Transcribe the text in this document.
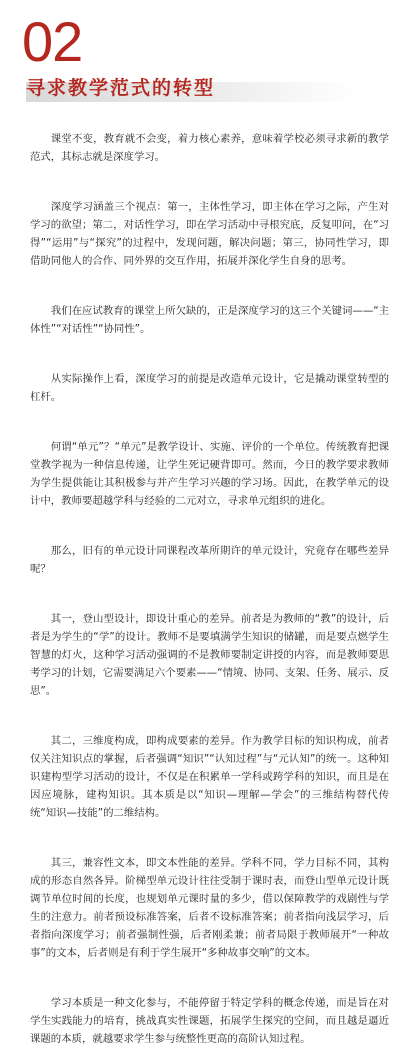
02
寻求教学范式的转型

课堂不变，教育就不会变，着力核心素养，意味着学校必须寻求新的教学范式，其标志就是深度学习。

深度学习涵盖三个视点：第一，主体性学习，即主体在学习之际，产生对学习的欲望；第二，对话性学习，即在学习活动中寻根究底，反复叩问，在“习得”“运用”与“探究”的过程中，发现问题，解决问题；第三，协同性学习，即借助同他人的合作、同外界的交互作用，拓展并深化学生自身的思考。

我们在应试教育的课堂上所欠缺的，正是深度学习的这三个关键词——“主体性”“对话性”“协同性”。

从实际操作上看，深度学习的前提是改造单元设计，它是撬动课堂转型的杠杆。

何谓“单元”？“单元”是教学设计、实施、评价的一个单位。传统教育把课堂教学视为一种信息传递，让学生死记硬背即可。然而，今日的教学要求教师为学生提供能让其积极参与并产生学习兴趣的学习场。因此，在教学单元的设计中，教师要超越学科与经验的二元对立，寻求单元组织的进化。

那么，旧有的单元设计同课程改革所期许的单元设计，究竟存在哪些差异呢？

其一，登山型设计，即设计重心的差异。前者是为教师的“教”的设计，后者是为学生的“学”的设计。教师不是要填满学生知识的储罐，而是要点燃学生智慧的灯火，这种学习活动强调的不是教师要制定讲授的内容，而是教师要思考学习的计划，它需要满足六个要素——“情境、协同、支架、任务、展示、反思”。

其二，三维度构成，即构成要素的差异。作为教学目标的知识构成，前者仅关注知识点的掌握，后者强调“知识”“认知过程”与“元认知”的统一。这种知识建构型学习活动的设计，不仅是在积累单一学科或跨学科的知识，而且是在因应境脉，建构知识。其本质是以“知识—理解—学会”的三维结构替代传统“知识—技能”的二维结构。

其三，兼容性文本，即文本性能的差异。学科不同，学力目标不同，其构成的形态自然各异。阶梯型单元设计往往受制于课时表，而登山型单元设计既调节单位时间的长度，也规划单元课时量的多少，借以保障教学的戏剧性与学生的注意力。前者预设标准答案，后者不设标准答案；前者指向浅层学习，后者指向深度学习；前者强制性强，后者刚柔兼；前者局限于教师展开“一种故事”的文本，后者则是有利于学生展开“多种故事交响”的文本。

学习本质是一种文化参与，不能停留于特定学科的概念传递，而是旨在对学生实践能力的培育，挑战真实性课题，拓展学生探究的空间，而且越是逼近课题的本质，就越要求学生参与统整性更高的高阶认知过程。
